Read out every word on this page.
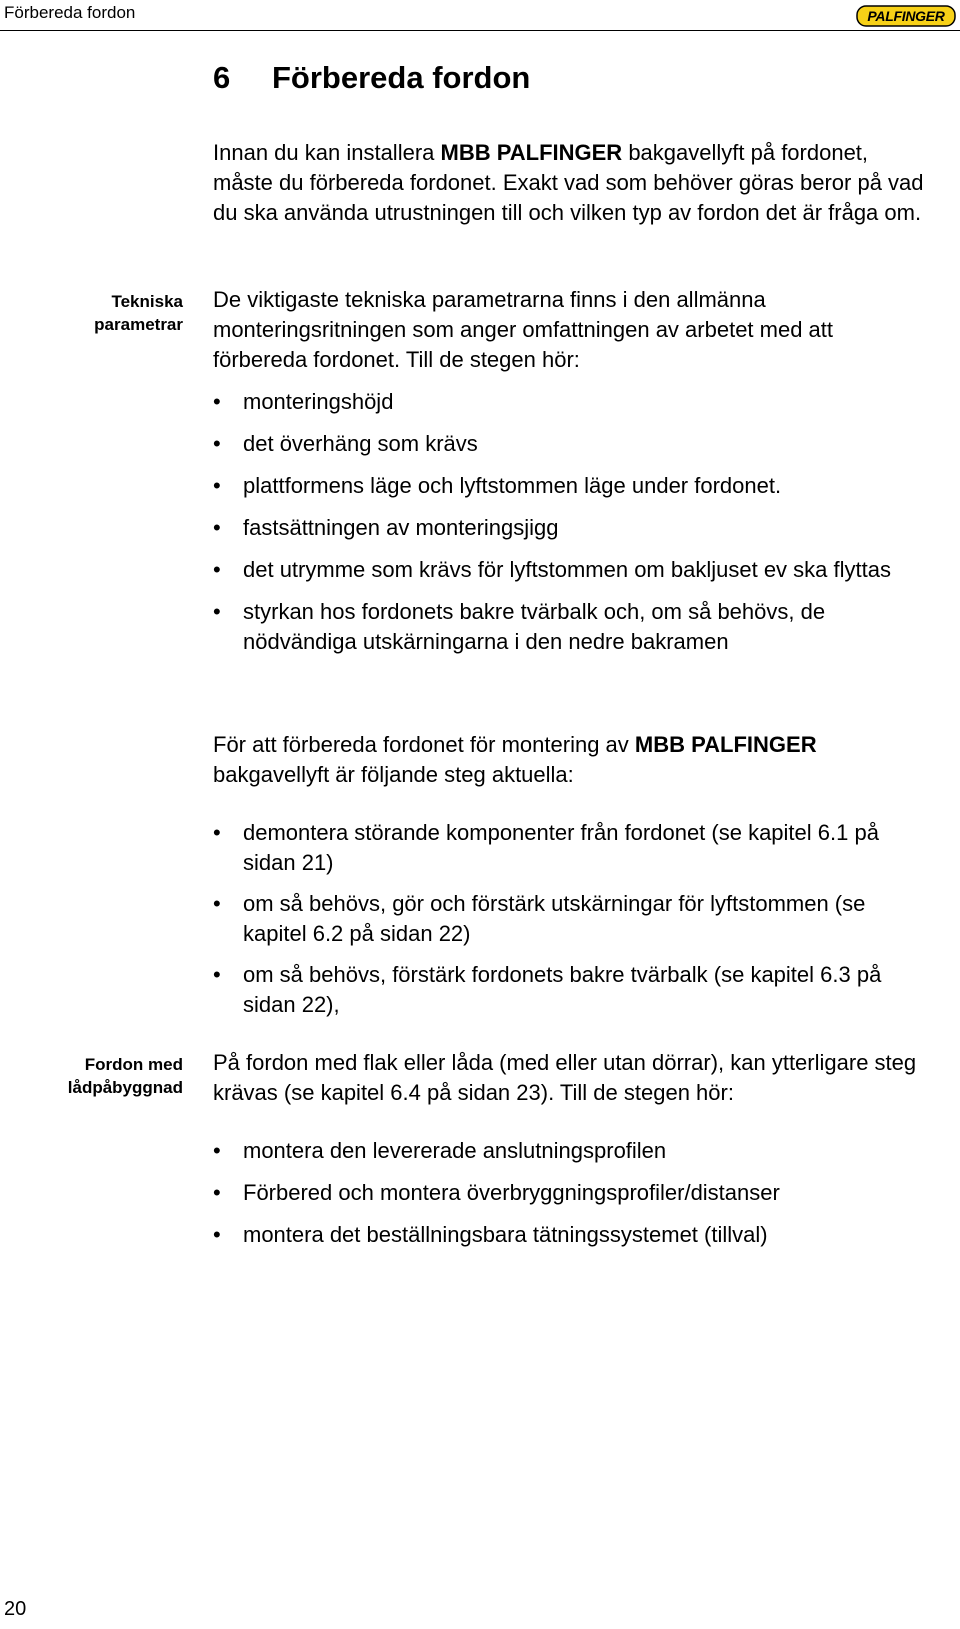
Förbereda fordon	PALFINGER
6 Förbereda fordon

Innan du kan installera MBB PALFINGER bakgavellyft på fordonet, måste du förbereda fordonet. Exakt vad som behöver göras beror på vad du ska använda utrustningen till och vilken typ av fordon det är fråga om.

Tekniska
parametrar

De viktigaste tekniska parametrarna finns i den allmänna monteringsritningen som anger omfattningen av arbetet med att förbereda fordonet. Till de stegen hör:

• monteringshöjd
• det överhäng som krävs
• plattformens läge och lyftstommen läge under fordonet.
• fastsättningen av monteringsjigg
• det utrymme som krävs för lyftstommen om bakljuset ev ska flyttas
• styrkan hos fordonets bakre tvärbalk och, om så behövs, de nödvändiga utskärningarna i den nedre bakramen

För att förbereda fordonet för montering av MBB PALFINGER bakgavellyft är följande steg aktuella:

• demontera störande komponenter från fordonet (se kapitel 6.1 på sidan 21)
• om så behövs, gör och förstärk utskärningar för lyftstommen (se kapitel 6.2 på sidan 22)
• om så behövs, förstärk fordonets bakre tvärbalk (se kapitel 6.3 på sidan 22),
Fordon med
lådpåbyggnad

På fordon med flak eller låda (med eller utan dörrar), kan ytterligare steg krävas (se kapitel 6.4 på sidan 23). Till de stegen hör:

• montera den levererade anslutningsprofilen
• Förbered och montera överbryggningsprofiler/distanser
• montera det beställningsbara tätningssystemet (tillval)
20
